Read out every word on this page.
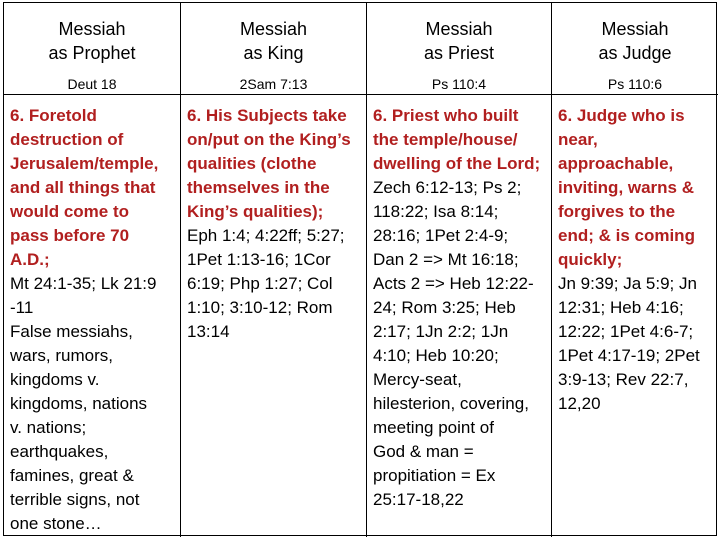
Messiah
as Prophet
Deut 18
Messiah
as King
2Sam 7:13
Messiah
as Priest
Ps 110:4
Messiah
as Judge
Ps 110:6
6. Foretold
destruction of
Jerusalem/temple,
and all things that
would come to
pass before 70
A.D.;
Mt 24:1-35; Lk 21:9
-11
False messiahs,
wars, rumors,
kingdoms v.
kingdoms, nations
v. nations;
earthquakes,
famines, great &
terrible signs, not
one stone…
6. His Subjects take
on/put on the King’s
qualities (clothe
themselves in the
King’s qualities);
Eph 1:4; 4:22ff; 5:27;
1Pet 1:13-16; 1Cor
6:19; Php 1:27; Col
1:10; 3:10-12; Rom
13:14
6. Priest who built
the temple/house/
dwelling of the Lord;
Zech 6:12-13; Ps 2;
118:22; Isa 8:14;
28:16; 1Pet 2:4-9;
Dan 2 => Mt 16:18;
Acts 2 => Heb 12:22-
24; Rom 3:25; Heb
2:17; 1Jn 2:2; 1Jn
4:10; Heb 10:20;
Mercy-seat,
hilesterion, covering,
meeting point of
God & man =
propitiation = Ex
25:17-18,22
6. Judge who is
near,
approachable,
inviting, warns &
forgives to the
end; & is coming
quickly;
Jn 9:39; Ja 5:9; Jn
12:31; Heb 4:16;
12:22; 1Pet 4:6-7;
1Pet 4:17-19; 2Pet
3:9-13; Rev 22:7,
12,20
